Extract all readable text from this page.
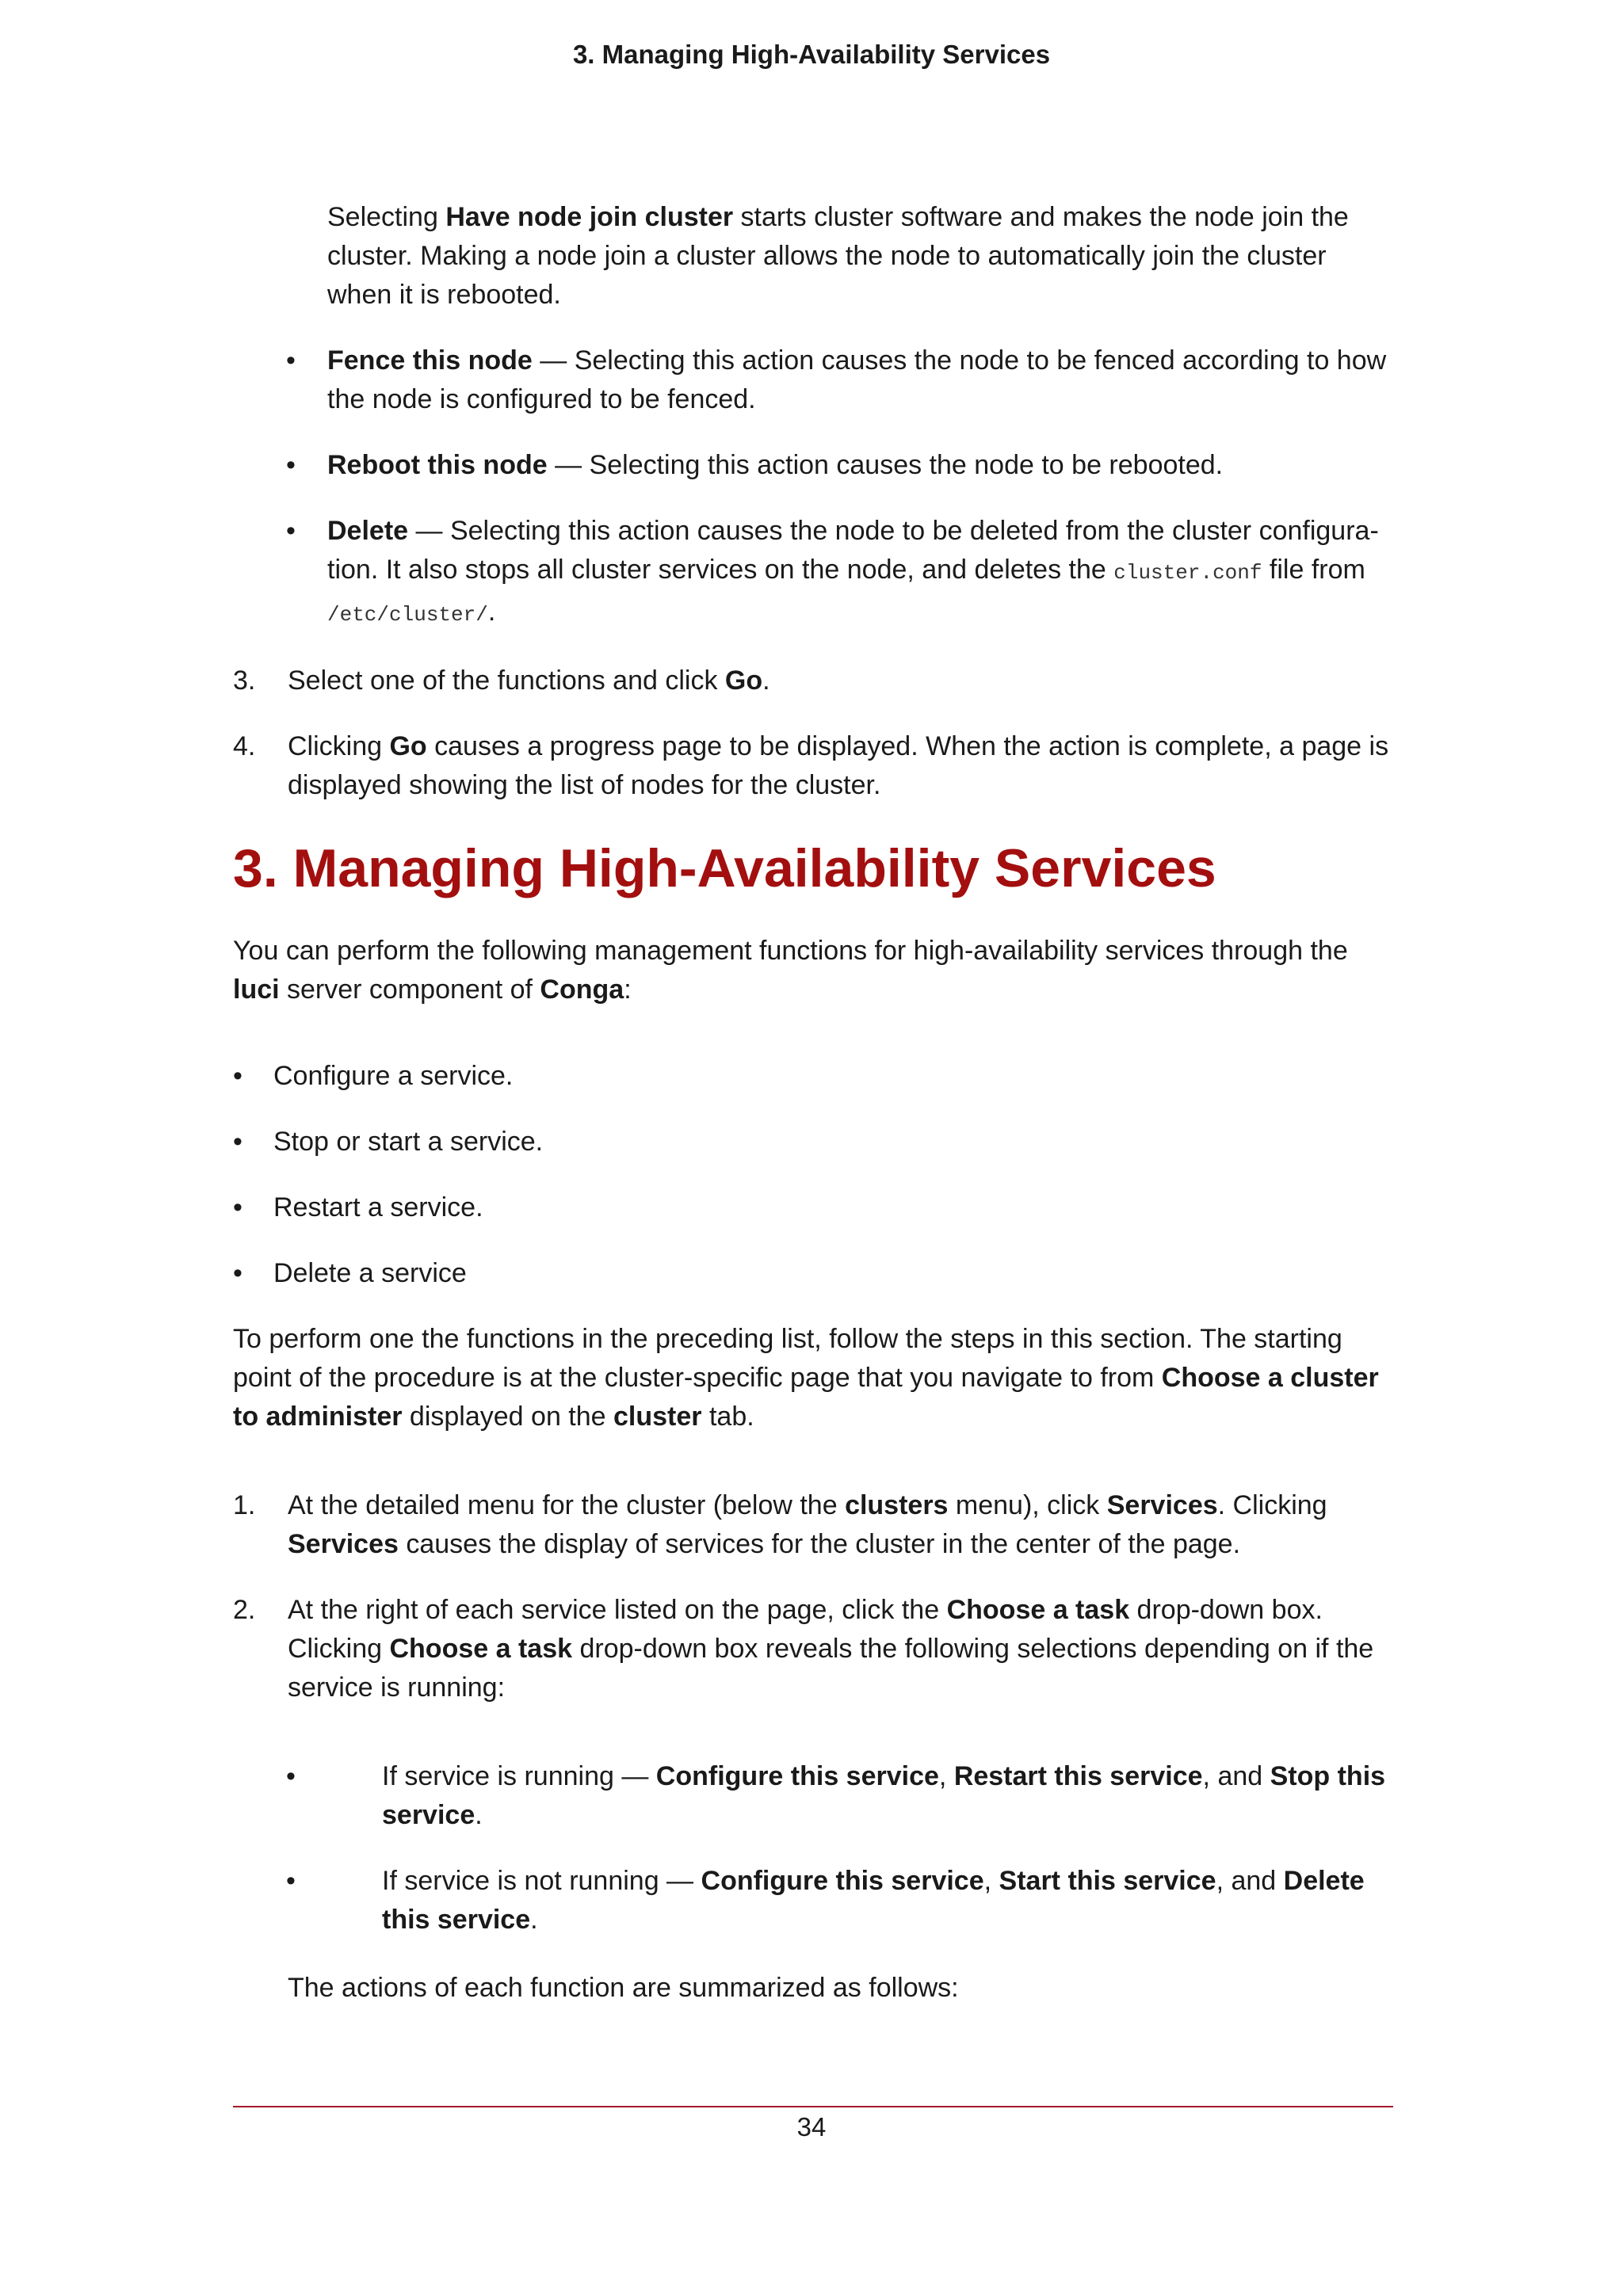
3. Managing High-Availability Services

Selecting Have node join cluster starts cluster software and makes the node join the cluster. Making a node join a cluster allows the node to automatically join the cluster when it is rebooted.

• Fence this node — Selecting this action causes the node to be fenced according to how the node is configured to be fenced.
• Reboot this node — Selecting this action causes the node to be rebooted.
• Delete — Selecting this action causes the node to be deleted from the cluster configura-tion. It also stops all cluster services on the node, and deletes the cluster.conf file from /etc/cluster/.
3. Select one of the functions and click Go.
4. Clicking Go causes a progress page to be displayed. When the action is complete, a page is displayed showing the list of nodes for the cluster.
3. Managing High-Availability Services

You can perform the following management functions for high-availability services through the luci server component of Conga:

• Configure a service.
• Stop or start a service.
• Restart a service.
• Delete a service

To perform one the functions in the preceding list, follow the steps in this section. The starting point of the procedure is at the cluster-specific page that you navigate to from Choose a cluster to administer displayed on the cluster tab.

1. At the detailed menu for the cluster (below the clusters menu), click Services. Clicking Services causes the display of services for the cluster in the center of the page.
2. At the right of each service listed on the page, click the Choose a task drop-down box. Clicking Choose a task drop-down box reveals the following selections depending on if the service is running:
•	If service is running — Configure this service, Restart this service, and Stop this service.
•	If service is not running — Configure this service, Start this service, and Delete this service.

The actions of each function are summarized as follows:

34
